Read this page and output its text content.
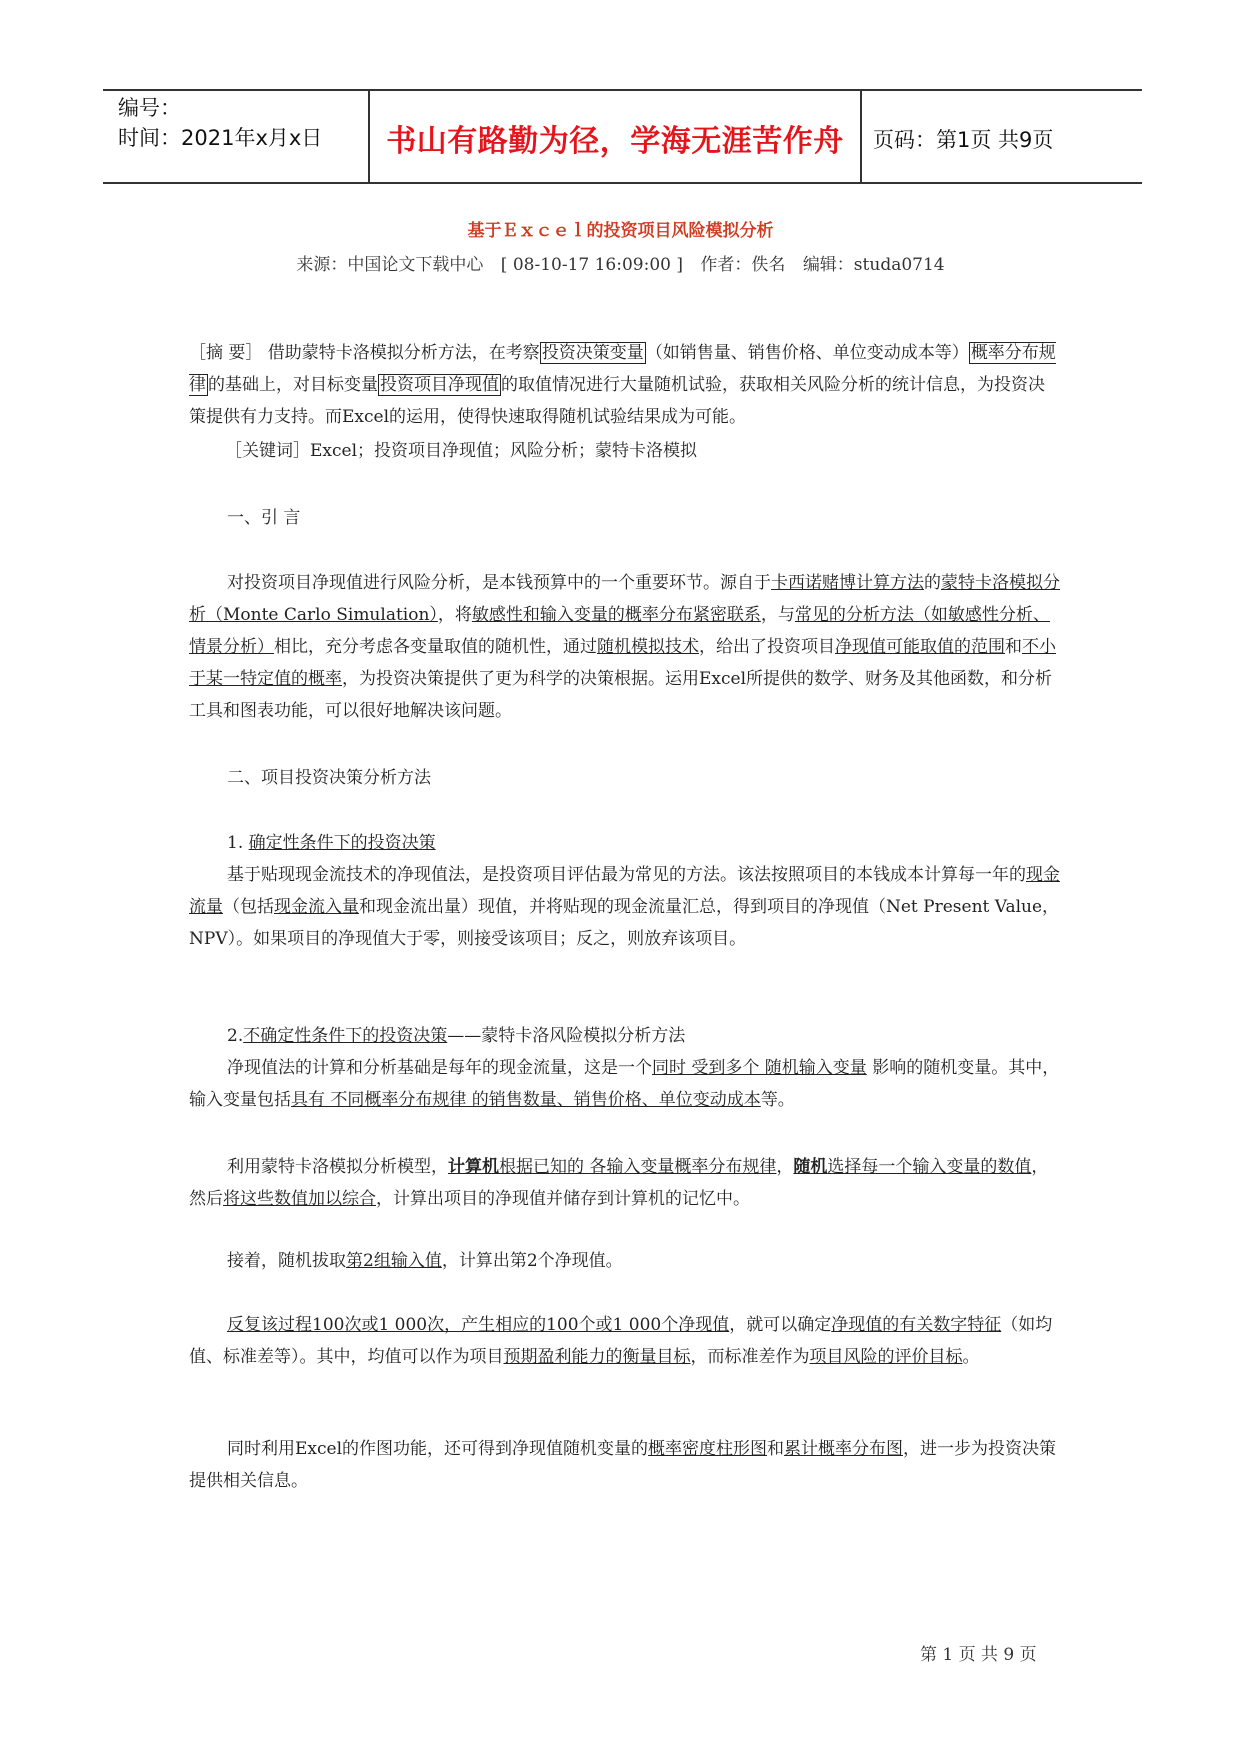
编号：
时间：2021年x月x日	书山有路勤为径，学海无涯苦作舟	页码：第1页 共9页
基于Ｅｘｃｅｌ的投资项目风险模拟分析
来源：中国论文下载中心 [ 08-10-17 16:09:00 ] 作者：佚名 编辑：studa0714
［摘 要］ 借助蒙特卡洛模拟分析方法，在考察 投资决策变量 （如销售量、销售价格、单位变动成本等） 概率分布规律 的基础上，对目标变量 投资项目净现值 的取值情况进行大量随机试验，获取相关风险分析的统计信息，为投资决策提供有力支持。而Excel的运用，使得快速取得随机试验结果成为可能。
［关键词］Excel；投资项目净现值；风险分析；蒙特卡洛模拟
一、引 言
对投资项目净现值进行风险分析，是本钱预算中的一个重要环节。源自于卡西诺赌博计算方法的蒙特卡洛模拟分析（Monte Carlo Simulation），将敏感性和输入变量的概率分布紧密联系，与常见的分析方法（如敏感性分析、情景分析）相比，充分考虑各变量取值的随机性，通过随机模拟技术，给出了投资项目净现值可能取值的范围和不小于某一特定值的概率，为投资决策提供了更为科学的决策根据。运用Excel所提供的数学、财务及其他函数，和分析工具和图表功能，可以很好地解决该问题。
二、项目投资决策分析方法
1. 确定性条件下的投资决策
基于贴现现金流技术的净现值法，是投资项目评估最为常见的方法。该法按照项目的本钱成本计算每一年的现金流量（包括现金流入量和现金流出量）现值，并将贴现的现金流量汇总，得到项目的净现值（Net Present Value，NPV）。如果项目的净现值大于零，则接受该项目；反之，则放弃该项目。
2.不确定性条件下的投资决策——蒙特卡洛风险模拟分析方法
净现值法的计算和分析基础是每年的现金流量，这是一个同时 受到多个 随机输入变量 影响的随机变量。其中，输入变量包括具有 不同概率分布规律 的销售数量、销售价格、单位变动成本等。
利用蒙特卡洛模拟分析模型，计算机根据已知的 各输入变量概率分布规律，随机选择每一个输入变量的数值，然后将这些数值加以综合，计算出项目的净现值并储存到计算机的记忆中。
接着，随机拔取第2组输入值，计算出第2个净现值。
反复该过程100次或1 000次，产生相应的100个或1 000个净现值，就可以确定净现值的有关数字特征（如均值、标准差等）。其中，均值可以作为项目预期盈利能力的衡量目标，而标准差作为项目风险的评价目标。
同时利用Excel的作图功能，还可得到净现值随机变量的概率密度柱形图和累计概率分布图，进一步为投资决策提供相关信息。
第 1 页 共 9 页
